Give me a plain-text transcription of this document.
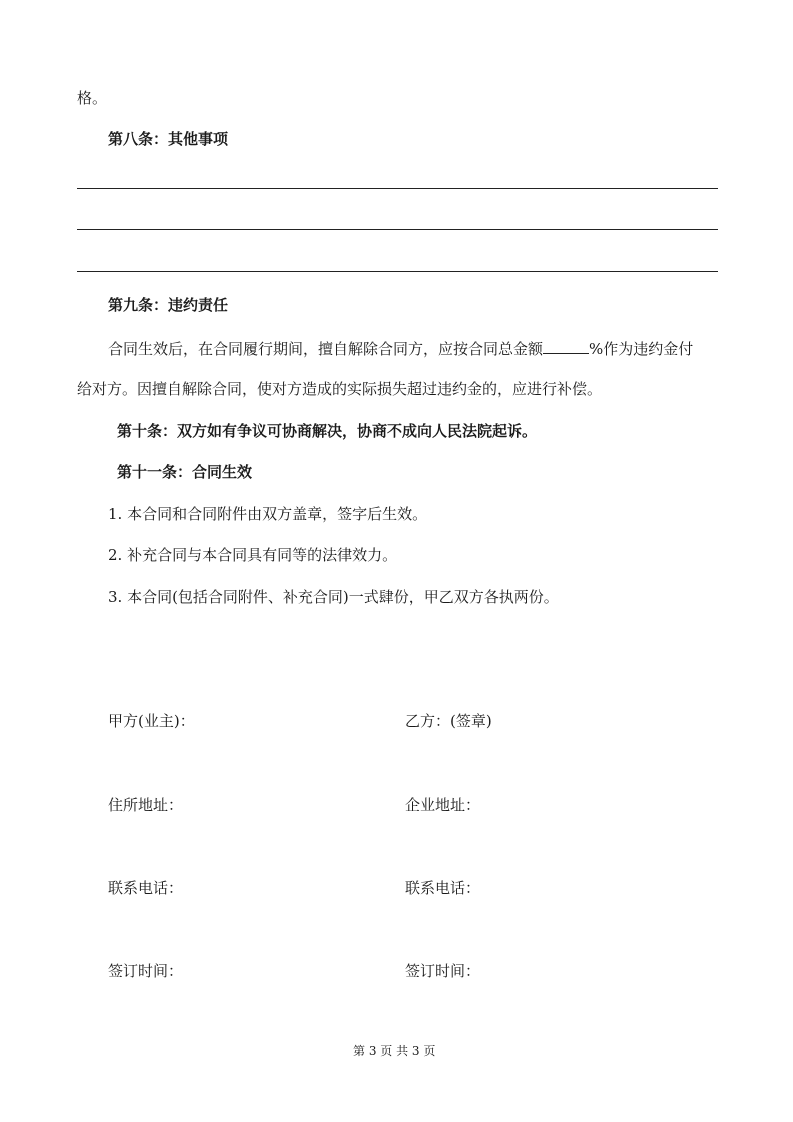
格。
第八条：其他事项
第九条：违约责任
合同生效后，在合同履行期间，擅自解除合同方，应按合同总金额	%作为违约金付
给对方。因擅自解除合同，使对方造成的实际损失超过违约金的，应进行补偿。
第十条：双方如有争议可协商解决，协商不成向人民法院起诉。
第十一条：合同生效
1. 本合同和合同附件由双方盖章，签字后生效。
2. 补充合同与本合同具有同等的法律效力。
3. 本合同(包括合同附件、补充合同)一式肆份，甲乙双方各执两份。
甲方(业主)：	乙方：(签章)
住所地址：	企业地址：
联系电话：	联系电话：
签订时间：	签订时间：
第 3 页 共 3 页
